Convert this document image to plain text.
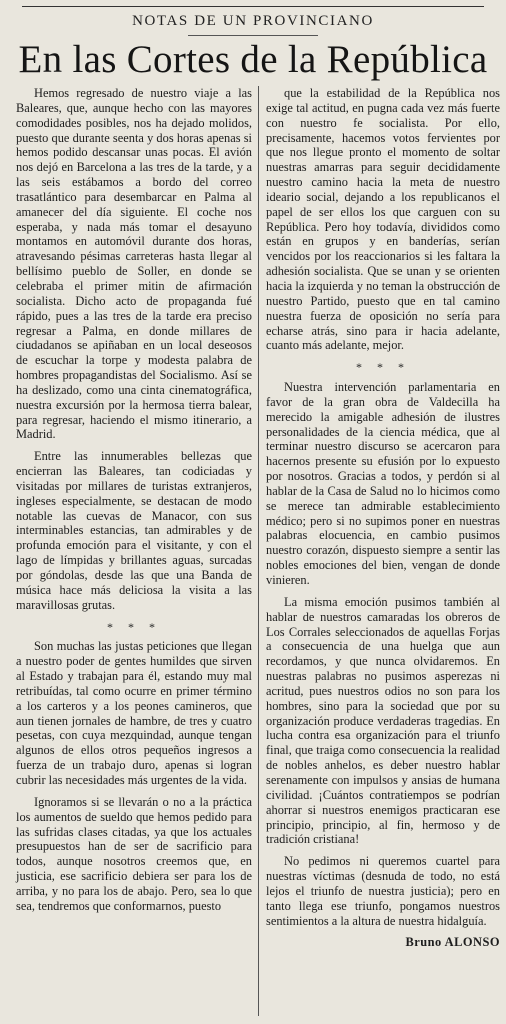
NOTAS DE UN PROVINCIANO
En las Cortes de la República

Hemos regresado de nuestro viaje a las Baleares, que, aunque hecho con las mayores comodidades posibles, nos ha dejado molidos, puesto que durante seenta y dos horas apenas si hemos podido descansar unas pocas. El avión nos dejó en Barcelona a las tres de la tarde, y a las seis estábamos a bordo del correo trasatlántico para desembarcar en Palma al amanecer del día siguiente. El coche nos esperaba, y nada más tomar el desayuno montamos en automóvil durante dos horas, atravesando pésimas carreteras hasta llegar al bellísimo pueblo de Soller, en donde se celebraba el primer mitin de afirmación socialista. Dicho acto de propaganda fué rápido, pues a las tres de la tarde era preciso regresar a Palma, en donde millares de ciudadanos se apiñaban en un local deseosos de escuchar la torpe y modesta palabra de hombres propagandistas del Socialismo. Así se ha deslizado, como una cinta cinematográfica, nuestra excursión por la hermosa tierra balear, para regresar, haciendo el mismo itinerario, a Madrid.

Entre las innumerables bellezas que encierran las Baleares, tan codiciadas y visitadas por millares de turistas extranjeros, ingleses especialmente, se destacan de modo notable las cuevas de Manacor, con sus interminables estancias, tan admirables y de profunda emoción para el visitante, y con el lago de límpidas y brillantes aguas, surcadas por góndolas, desde las que una Banda de música hace más deliciosa la visita a las maravillosas grutas.

* * *

Son muchas las justas peticiones que llegan a nuestro poder de gentes humildes que sirven al Estado y trabajan para él, estando muy mal retribuídas, tal como ocurre en primer término a los carteros y a los peones camineros, que aun tienen jornales de hambre, de tres y cuatro pesetas, con cuya mezquindad, aunque tengan algunos de ellos otros pequeños ingresos a fuerza de un trabajo duro, apenas si logran cubrir las necesidades más urgentes de la vida.

Ignoramos si se llevarán o no a la práctica los aumentos de sueldo que hemos pedido para las sufridas clases citadas, ya que los actuales presupuestos han de ser de sacrificio para todos, aunque nosotros creemos que, en justicia, ese sacrificio debiera ser para los de arriba, y no para los de abajo. Pero, sea lo que sea, tendremos que conformarnos, puesto

que la estabilidad de la República nos exige tal actitud, en pugna cada vez más fuerte con nuestro fe socialista. Por ello, precisamente, hacemos votos fervientes por que nos llegue pronto el momento de soltar nuestras amarras para seguir decididamente nuestro camino hacia la meta de nuestro ideario social, dejando a los republicanos el papel de ser ellos los que carguen con su República. Pero hoy todavía, divididos como están en grupos y en banderías, serían vencidos por los reaccionarios si les faltara la adhesión socialista. Que se unan y se orienten hacia la izquierda y no teman la obstrucción de nuestro Partido, puesto que en tal camino nuestra fuerza de oposición no sería para echarse atrás, sino para ir hacia adelante, cuanto más adelante, mejor.

* * *

Nuestra intervención parlamentaria en favor de la gran obra de Valdecilla ha merecido la amigable adhesión de ilustres personalidades de la ciencia médica, que al terminar nuestro discurso se acercaron para hacernos presente su efusión por lo expuesto por nosotros. Gracias a todos, y perdón si al hablar de la Casa de Salud no lo hicimos como se merece tan admirable establecimiento médico; pero si no supimos poner en nuestras palabras elocuencia, en cambio pusimos nuestro corazón, dispuesto siempre a sentir las nobles emociones del bien, vengan de donde vinieren.

La misma emoción pusimos también al hablar de nuestros camaradas los obreros de Los Corrales seleccionados de aquellas Forjas a consecuencia de una huelga que aun recordamos, y que nunca olvidaremos. En nuestras palabras no pusimos asperezas ni acritud, pues nuestros odios no son para los hombres, sino para la sociedad que por su organización produce verdaderas tragedias. En lucha contra esa organización para el triunfo final, que traiga como consecuencia la realidad de nobles anhelos, es deber nuestro hablar serenamente con impulsos y ansias de humana civilidad. ¡Cuántos contratiempos se podrían ahorrar si nuestros enemigos practicaran ese principio, principio, al fin, hermoso y de tradición cristiana!

No pedimos ni queremos cuartel para nuestras víctimas (desnuda de todo, no está lejos el triunfo de nuestra justicia); pero en tanto llega ese triunfo, pongamos nuestros sentimientos a la altura de nuestra hidalguía.

Bruno ALONSO
